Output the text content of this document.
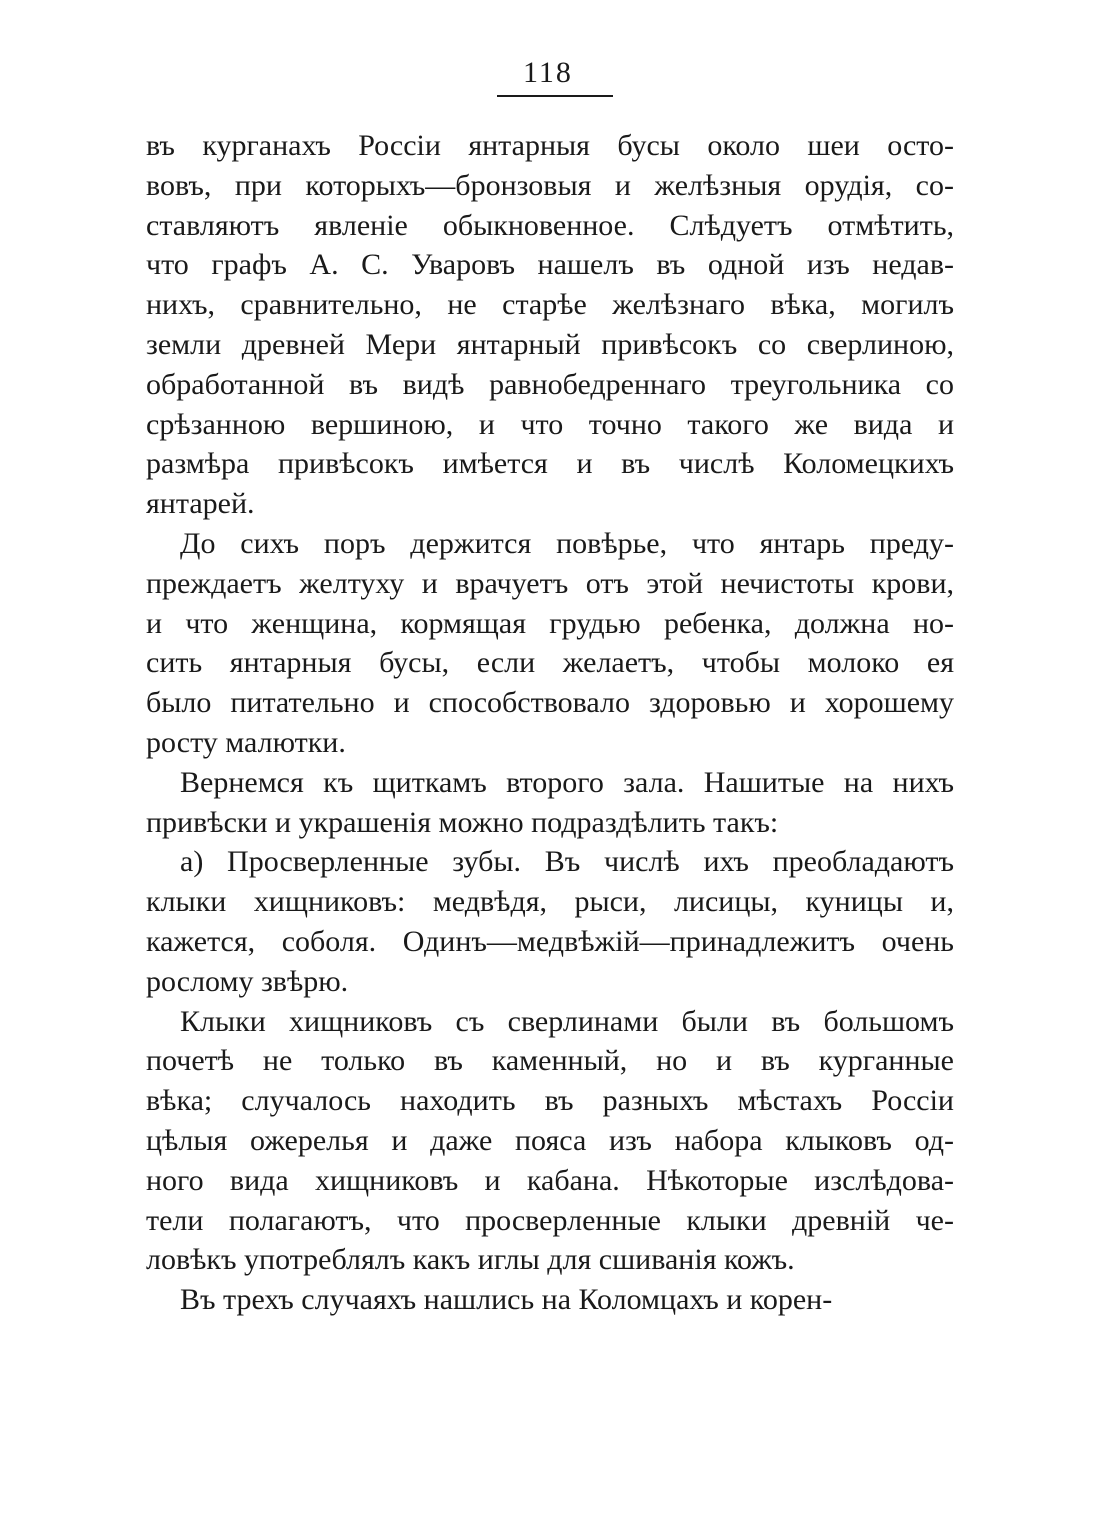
118
въ курганахъ Россіи янтарныя бусы около шеи осто-
вовъ, при которыхъ—бронзовыя и желѣзныя орудія, со-
ставляютъ явленіе обыкновенное. Слѣдуетъ отмѣтить,
что графъ А. С. Уваровъ нашелъ въ одной изъ недав-
нихъ, сравнительно, не старѣе желѣзнаго вѣка, могилъ
земли древней Мери янтарный привѣсокъ со сверлиною,
обработанной въ видѣ равнобедреннаго треугольника со
срѣзанною вершиною, и что точно такого же вида и
размѣра привѣсокъ имѣется и въ числѣ Коломецкихъ
янтарей.
До сихъ поръ держится повѣрье, что янтарь преду-
преждаетъ желтуху и врачуетъ отъ этой нечистоты крови,
и что женщина, кормящая грудью ребенка, должна но-
сить янтарныя бусы, если желаетъ, чтобы молоко ея
было питательно и способствовало здоровью и хорошему
росту малютки.
Вернемся къ щиткамъ второго зала. Нашитые на нихъ
привѣски и украшенія можно подраздѣлить такъ:
а) Просверленные зубы. Въ числѣ ихъ преобладаютъ
клыки хищниковъ: медвѣдя, рыси, лисицы, куницы и,
кажется, соболя. Одинъ—медвѣжій—принадлежитъ очень
рослому звѣрю.
Клыки хищниковъ съ сверлинами были въ большомъ
почетѣ не только въ каменный, но и въ курганные
вѣка; случалось находить въ разныхъ мѣстахъ Россіи
цѣлыя ожерелья и даже пояса изъ набора клыковъ од-
ного вида хищниковъ и кабана. Нѣкоторые изслѣдова-
тели полагаютъ, что просверленные клыки древній че-
ловѣкъ употреблялъ какъ иглы для сшиванія кожъ.
Въ трехъ случаяхъ нашлись на Коломцахъ и корен-
